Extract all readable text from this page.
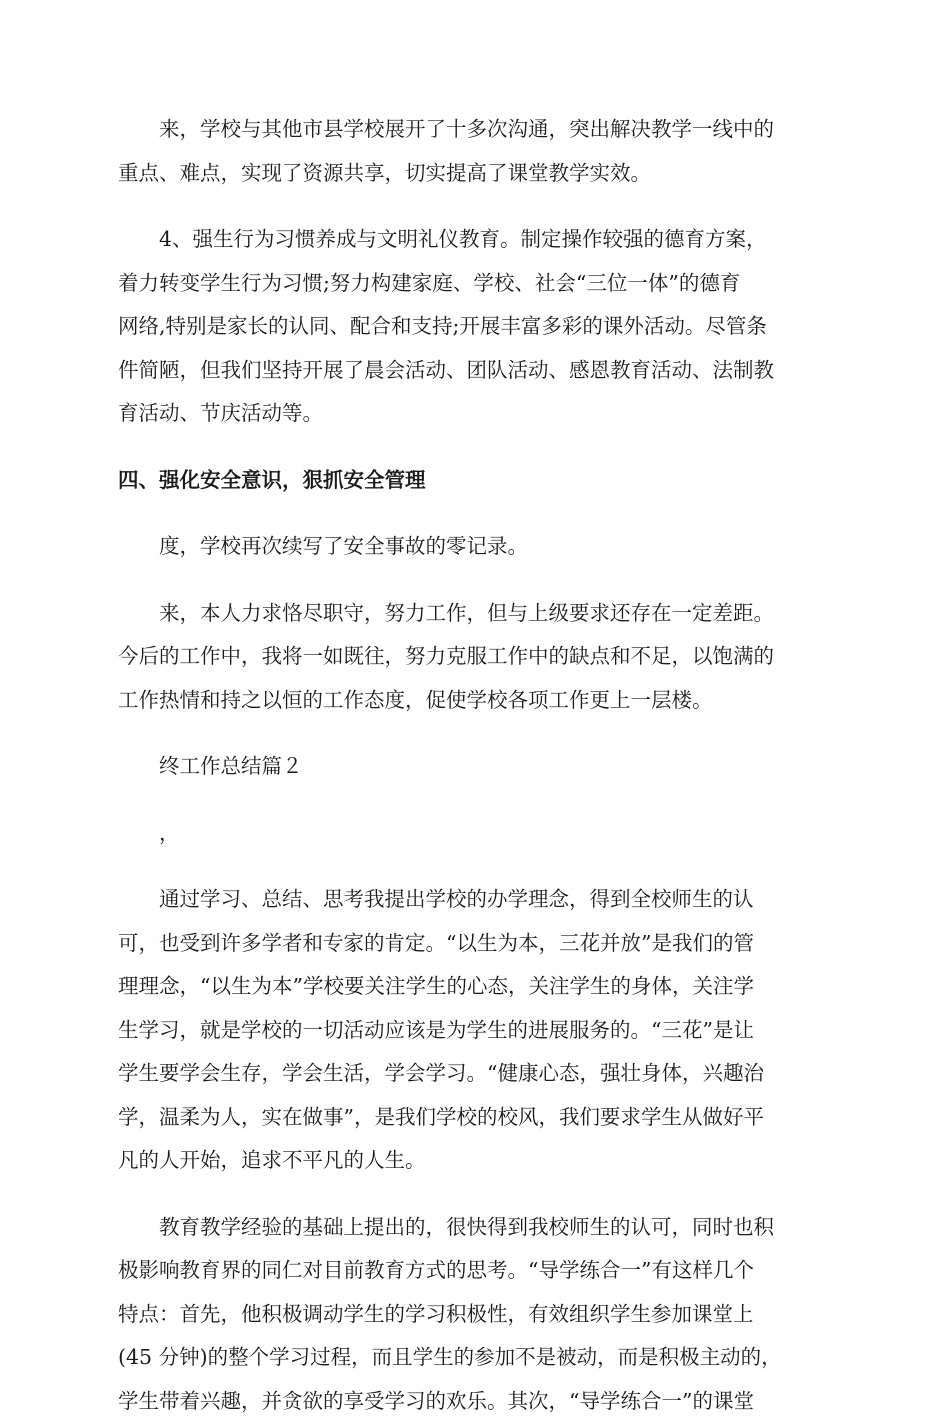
来，学校与其他市县学校展开了十多次沟通，突出解决教学一线中的
重点、难点，实现了资源共享，切实提高了课堂教学实效。
4、强生行为习惯养成与文明礼仪教育。制定操作较强的德育方案，
着力转变学生行为习惯;努力构建家庭、学校、社会“三位一体”的德育
网络,特别是家长的认同、配合和支持;开展丰富多彩的课外活动。尽管条
件简陋，但我们坚持开展了晨会活动、团队活动、感恩教育活动、法制教
育活动、节庆活动等。
四、强化安全意识，狠抓安全管理
度，学校再次续写了安全事故的零记录。
来，本人力求恪尽职守，努力工作，但与上级要求还存在一定差距。
今后的工作中，我将一如既往，努力克服工作中的缺点和不足，以饱满的
工作热情和持之以恒的工作态度，促使学校各项工作更上一层楼。
终工作总结篇２
，
通过学习、总结、思考我提出学校的办学理念，得到全校师生的认
可，也受到许多学者和专家的肯定。“以生为本，三花并放”是我们的管
理理念，“以生为本”学校要关注学生的心态，关注学生的身体，关注学
生学习，就是学校的一切活动应该是为学生的进展服务的。“三花”是让
学生要学会生存，学会生活，学会学习。“健康心态，强壮身体，兴趣治
学，温柔为人，实在做事”，是我们学校的校风，我们要求学生从做好平
凡的人开始，追求不平凡的人生。
教育教学经验的基础上提出的，很快得到我校师生的认可，同时也积
极影响教育界的同仁对目前教育方式的思考。“导学练合一”有这样几个
特点：首先，他积极调动学生的学习积极性，有效组织学生参加课堂上
(45 分钟)的整个学习过程，而且学生的参加不是被动，而是积极主动的，
学生带着兴趣，并贪欲的享受学习的欢乐。其次，“导学练合一”的课堂
